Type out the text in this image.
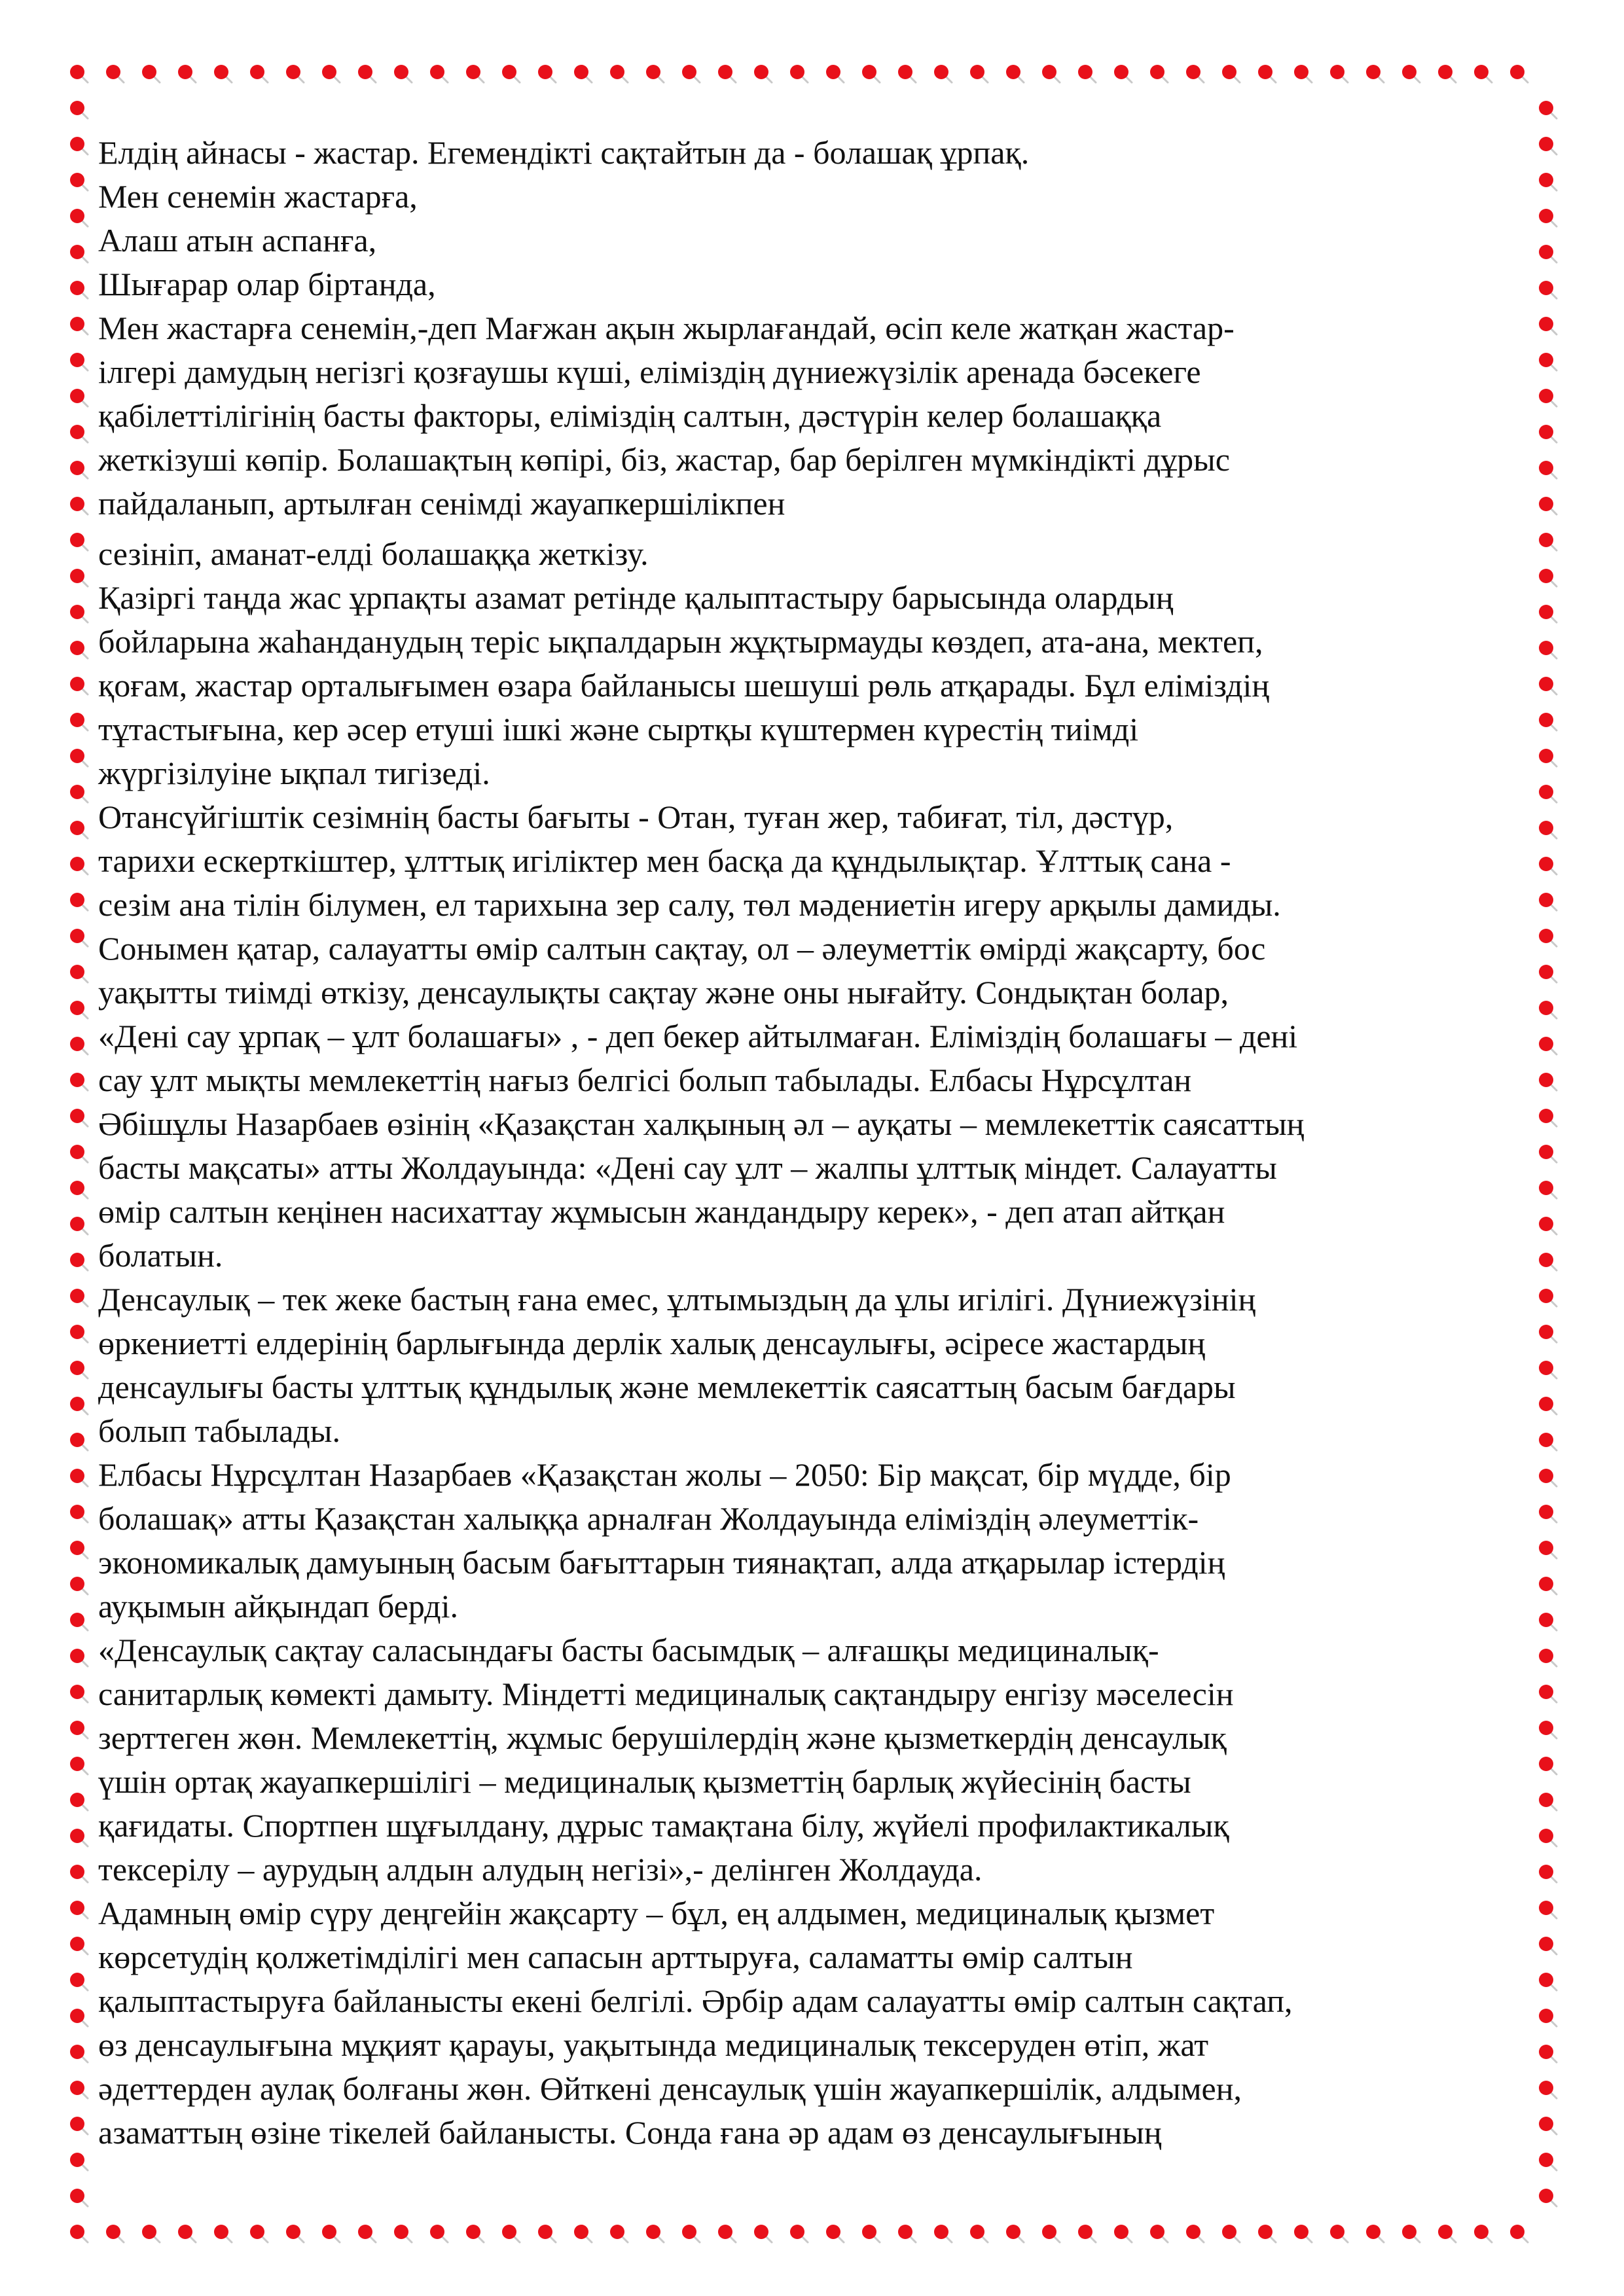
Елдің айнасы - жастар. Егемендікті сақтайтын да - болашақ ұрпақ.

Мен сенемін жастарға,

Алаш атын аспанға,

Шығарар олар біртанда,

Мен жастарға сенемін,-деп Мағжан ақын жырлағандай, өсіп келе жатқан жастар-

ілгері дамудың негізгі қозғаушы күші, еліміздің дүниежүзілік аренада бәсекеге

қабілеттілігінің басты факторы, еліміздің салтын, дәстүрін келер болашаққа

жеткізуші көпір. Болашақтың көпірі, біз, жастар, бар берілген мүмкіндікті дұрыс

пайдаланып, артылған сенімді жауапкершілікпен

сезініп, аманат-елді болашаққа жеткізу.

Қазіргі таңда жас ұрпақты азамат ретінде қалыптастыру барысында олардың

бойларына жаһанданудың теріс ықпалдарын жұқтырмауды көздеп, ата-ана, мектеп,

қоғам, жастар орталығымен өзара байланысы шешуші рөль атқарады. Бұл еліміздің

тұтастығына, кер әсер етуші ішкі және сыртқы күштермен күрестің тиімді

жүргізілуіне ықпал тигізеді.

Отансүйгіштік сезімнің басты бағыты - Отан, туған жер, табиғат, тіл, дәстүр,

тарихи ескерткіштер, ұлттық игіліктер мен басқа да құндылықтар. Ұлттық сана -

сезім ана тілін білумен, ел тарихына зер салу, төл мәдениетін игеру арқылы дамиды.

Сонымен қатар, салауатты өмір салтын сақтау, ол – әлеуметтік өмірді жақсарту, бос

уақытты тиімді өткізу, денсаулықты сақтау және оны нығайту. Сондықтан болар,

«Дені сау ұрпақ – ұлт болашағы» , - деп бекер айтылмаған. Еліміздің болашағы – дені

сау ұлт мықты мемлекеттің нағыз белгісі болып табылады. Елбасы Нұрсұлтан

Әбішұлы Назарбаев өзінің «Қазақстан халқының әл – ауқаты – мемлекеттік саясаттың

басты мақсаты» атты Жолдауында: «Дені сау ұлт – жалпы ұлттық міндет. Салауатты

өмір салтын кеңінен насихаттау жұмысын жандандыру керек», - деп атап айтқан

болатын.

Денсаулық – тек жеке бастың ғана емес, ұлтымыздың да ұлы игілігі. Дүниежүзінің

өркениетті елдерінің барлығында дерлік халық денсаулығы, әсіресе жастардың

денсаулығы басты ұлттық құндылық және мемлекеттік саясаттың басым бағдары

болып табылады.

Елбасы Нұрсұлтан Назарбаев «Қазақстан жолы – 2050: Бір мақсат, бір мүдде, бір

болашақ» атты Қазақстан халыққа арналған Жолдауында еліміздің әлеуметтік-

экономикалық дамуының басым бағыттарын тиянақтап, алда атқарылар істердің

ауқымын айқындап берді.

«Денсаулық сақтау саласындағы басты басымдық – алғашқы медициналық-

санитарлық көмекті дамыту. Міндетті медициналық сақтандыру енгізу мәселесін

зерттеген жөн. Мемлекеттің, жұмыс берушілердің және қызметкердің денсаулық

үшін ортақ жауапкершілігі – медициналық қызметтің барлық жүйесінің басты

қағидаты. Спортпен шұғылдану, дұрыс тамақтана білу, жүйелі профилактикалық

тексерілу – аурудың алдын алудың негізі»,- делінген Жолдауда.

Адамның өмір сүру деңгейін жақсарту – бұл, ең алдымен, медициналық қызмет

көрсетудің қолжетімділігі мен сапасын арттыруға, саламатты өмір салтын

қалыптастыруға байланысты екені белгілі. Әрбір адам салауатты өмір салтын сақтап,

өз денсаулығына мұқият қарауы, уақытында медициналық тексеруден өтіп, жат

әдеттерден аулақ болғаны жөн. Өйткені денсаулық үшін жауапкершілік, алдымен,

азаматтың өзіне тікелей байланысты. Сонда ғана әр адам өз денсаулығының
